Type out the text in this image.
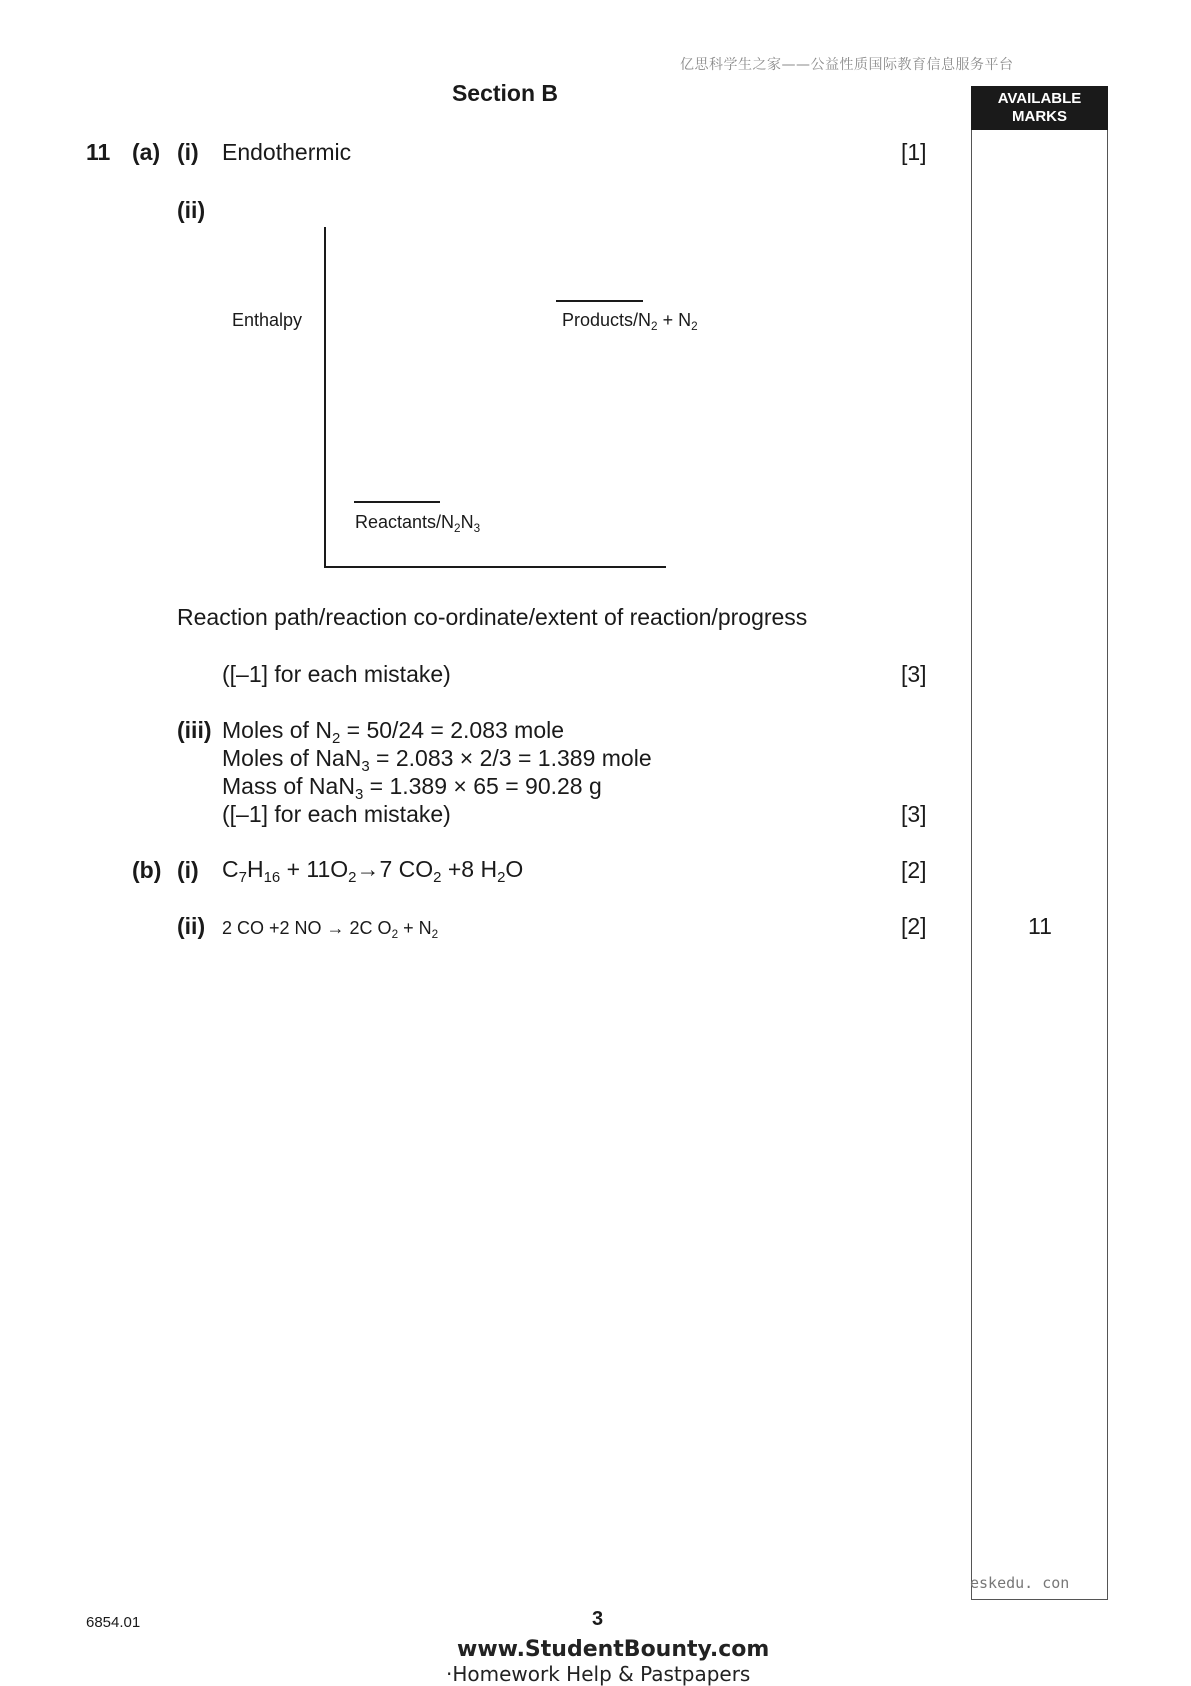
亿思科学生之家——公益性质国际教育信息服务平台
Section B	AVAILABLE
MARKS
11 (a) (i) Endothermic	[1]
(ii)
Enthalpy	Products/$N_2 + N_2$
Reactants/$N_2N_3$
Reaction path/reaction co-ordinate/extent of reaction/progress
([–1] for each mistake)	[3]
(iii) Moles of $N_2 = 50/24 = 2.083$ mole
Moles of NaN$_3$ = 2.083 × 2/3 = 1.389 mole
Mass of NaN$_3$ = 1.389 × 65 = 90.28 g
([–1] for each mistake)	[3]
(b) (i) $C_7H_{16} + 11O_2\to 7$ $CO_2 +8$ $H_2O$	[2]
(ii) 2 CO +2 NO → 2C $O_2 + N_2$	[2]	11
eskedu. con
6854.01	3
www.StudentBounty.com
·Homework Help & Pastpapers
